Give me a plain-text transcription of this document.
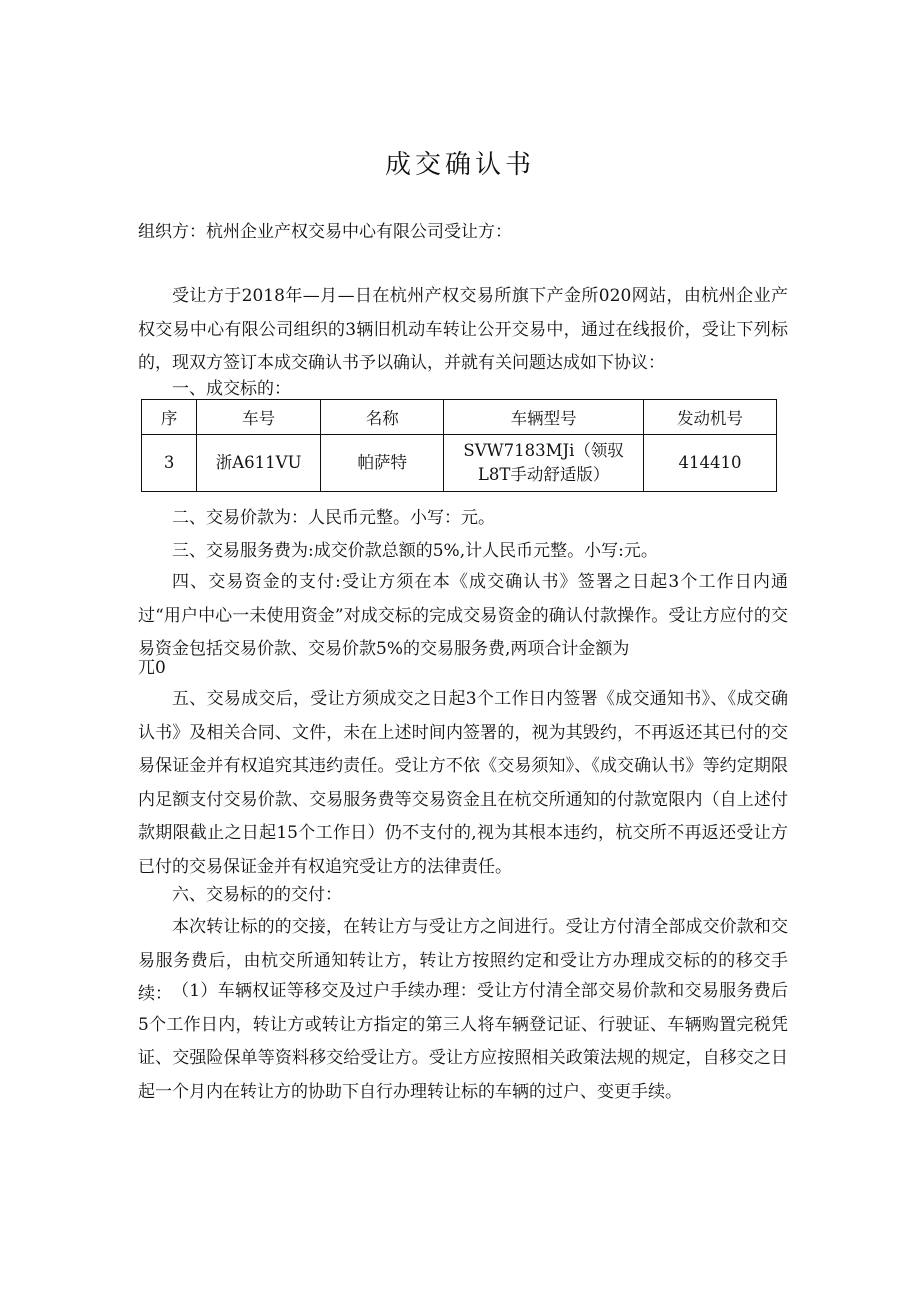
成交确认书

组织方：杭州企业产权交易中心有限公司受让方：

受让方于2018年—月—日在杭州产权交易所旗下产金所020网站，由杭州企业产权交易中心有限公司组织的3辆旧机动车转让公开交易中，通过在线报价，受让下列标的，现双方签订本成交确认书予以确认，并就有关问题达成如下协议：

一、成交标的：

序	车号	名称	车辆型号	发动机号
3	浙A611VU	帕萨特	SVW7183MJi（领驭L8T手动舒适版）	414410

二、交易价款为：人民币元整。小写：元。

三、交易服务费为:成交价款总额的5%,计人民币元整。小写:元。

四、交易资金的支付:受让方须在本《成交确认书》签署之日起3个工作日内通过“用户中心一未使用资金”对成交标的完成交易资金的确认付款操作。受让方应付的交易资金包括交易价款、交易价款5%的交易服务费,两项合计金额为

兀0

五、交易成交后，受让方须成交之日起3个工作日内签署《成交通知书》、《成交确认书》及相关合同、文件，未在上述时间内签署的，视为其毁约，不再返还其已付的交易保证金并有权追究其违约责任。受让方不依《交易须知》、《成交确认书》等约定期限内足额支付交易价款、交易服务费等交易资金且在杭交所通知的付款宽限内（自上述付款期限截止之日起15个工作日）仍不支付的,视为其根本违约，杭交所不再返还受让方已付的交易保证金并有权追究受让方的法律责任。

六、交易标的的交付：

本次转让标的的交接，在转让方与受让方之间进行。受让方付清全部成交价款和交易服务费后，由杭交所通知转让方，转让方按照约定和受让方办理成交标的的移交手续： （1）车辆权证等移交及过户手续办理：受让方付清全部交易价款和交易服务费后5个工作日内，转让方或转让方指定的第三人将车辆登记证、行驶证、车辆购置完税凭证、交强险保单等资料移交给受让方。受让方应按照相关政策法规的规定，自移交之日起一个月内在转让方的协助下自行办理转让标的车辆的过户、变更手续。
